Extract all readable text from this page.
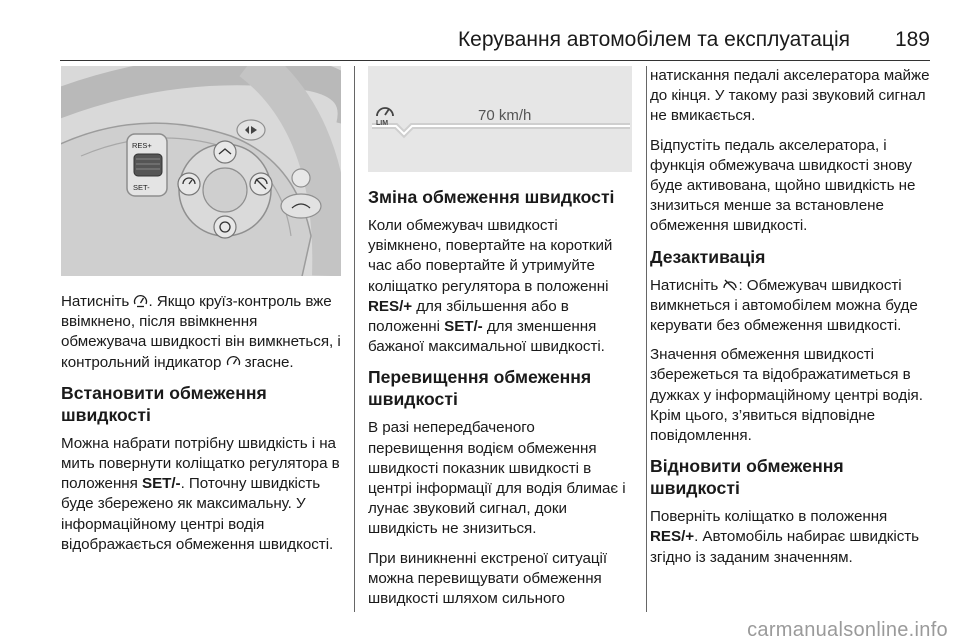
Керування автомобілем та експлуатація 189
RES+
SET-

Натисніть . Якщо круїз-контроль вже ввімкнено, після ввімкнення обмежувача швидкості він вимкнеться, і контрольний індикатор  згасне.

Встановити обмеження швидкості

Можна набрати потрібну швидкість і на мить повернути коліщатко регулятора в положення SET/-. Поточну швидкість буде збережено як максимальну. У інформаційному центрі водія відображається обмеження швидкості.

LIM	70 km/h
Зміна обмеження швидкості

Коли обмежувач швидкості увімкнено, повертайте на короткий час або повертайте й утримуйте коліщатко регулятора в положенні RES/+ для збільшення або в положенні SET/- для зменшення бажаної максимальної швидкості.

Перевищення обмеження швидкості

В разі непередбаченого перевищення водієм обмеження швидкості показник швидкості в центрі інформації для водія блимає і лунає звуковий сигнал, доки швидкість не знизиться.

При виникненні екстреної ситуації можна перевищувати обмеження швидкості шляхом сильного

натискання педалі акселератора майже до кінця. У такому разі звуковий сигнал не вмикається.

Відпустіть педаль акселератора, і функція обмежувача швидкості знову буде активована, щойно швидкість не знизиться менше за встановлене обмеження швидкості.

Дезактивація

Натисніть : Обмежувач швидкості вимкнеться і автомобілем можна буде керувати без обмеження швидкості.

Значення обмеження швидкості збережеться та відображатиметься в дужках у інформаційному центрі водія. Крім цього, з’явиться відповідне повідомлення.

Відновити обмеження швидкості

Поверніть коліщатко в положення RES/+. Автомобіль набирає швидкість згідно із заданим значенням.

carmanualsonline.info
